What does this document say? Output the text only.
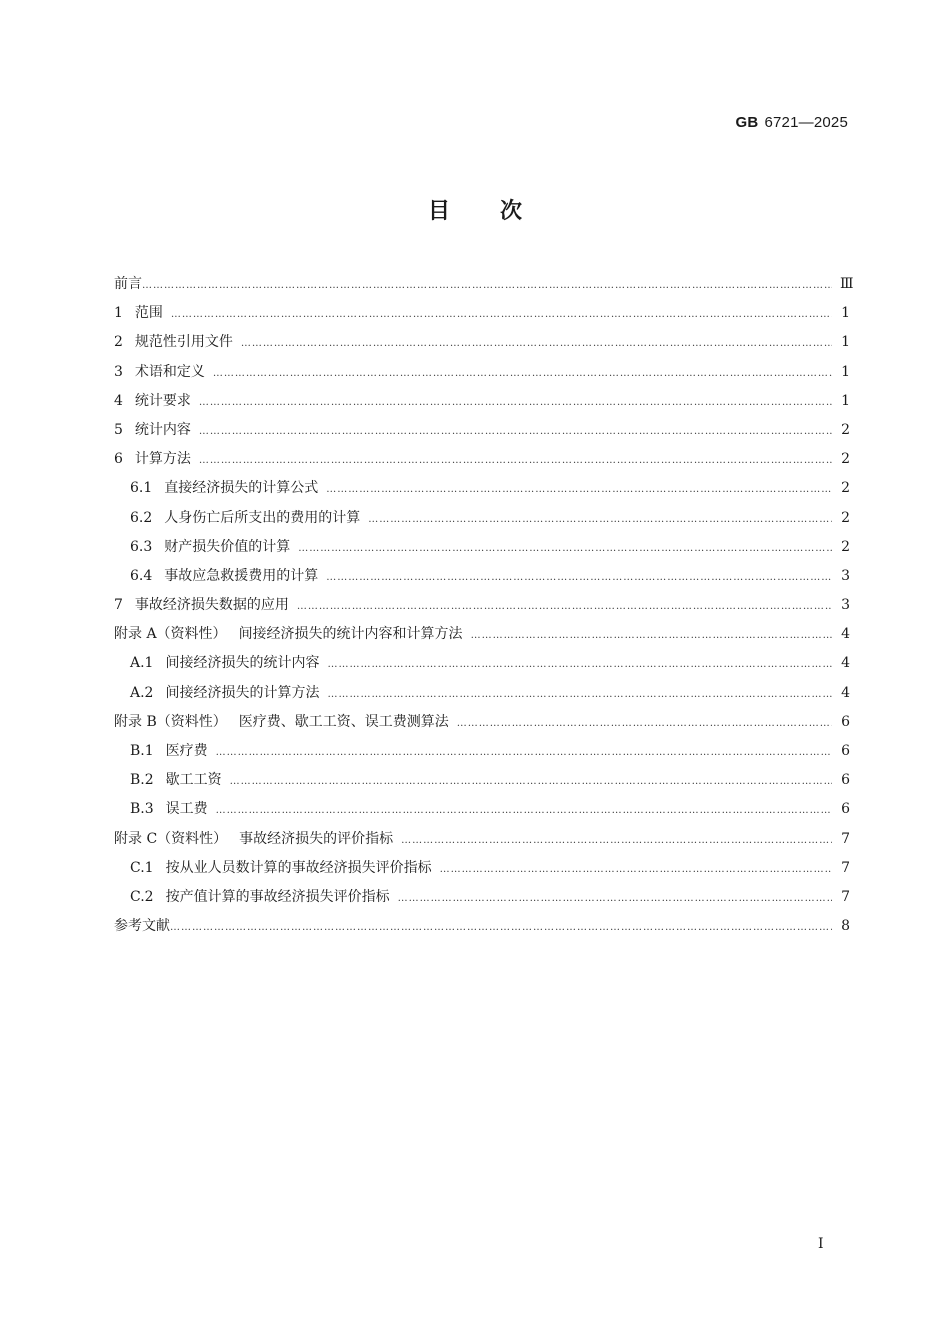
GB 6721—2025
目次
前言 ……………………………………………………………………………………………………………………………………………………………………………………………………………………………………………………………………	Ⅲ
1 范围 ……………………………………………………………………………………………………………………………………………………………………………………………………………………………………………………………………	1
2 规范性引用文件 ……………………………………………………………………………………………………………………………………………………………………………………………………………………………………………………………………	1
3 术语和定义 ……………………………………………………………………………………………………………………………………………………………………………………………………………………………………………………………………	1
4 统计要求 ……………………………………………………………………………………………………………………………………………………………………………………………………………………………………………………………………	1
5 统计内容 ……………………………………………………………………………………………………………………………………………………………………………………………………………………………………………………………………	2
6 计算方法 ……………………………………………………………………………………………………………………………………………………………………………………………………………………………………………………………………	2
6.1 直接经济损失的计算公式 ……………………………………………………………………………………………………………………………………………………………………………………………………………………………………………………………………	2
6.2 人身伤亡后所支出的费用的计算 ……………………………………………………………………………………………………………………………………………………………………………………………………………………………………………………………………	2
6.3 财产损失价值的计算 ……………………………………………………………………………………………………………………………………………………………………………………………………………………………………………………………………	2
6.4 事故应急救援费用的计算 ……………………………………………………………………………………………………………………………………………………………………………………………………………………………………………………………………	3
7 事故经济损失数据的应用 ……………………………………………………………………………………………………………………………………………………………………………………………………………………………………………………………………	3
附录 A（资料性） 间接经济损失的统计内容和计算方法 ……………………………………………………………………………………………………………………………………………………………………………………………………………………………………………………………………	4
A.1 间接经济损失的统计内容 ……………………………………………………………………………………………………………………………………………………………………………………………………………………………………………………………………	4
A.2 间接经济损失的计算方法 ……………………………………………………………………………………………………………………………………………………………………………………………………………………………………………………………………	4
附录 B（资料性） 医疗费、歇工工资、误工费测算法 ……………………………………………………………………………………………………………………………………………………………………………………………………………………………………………………………………	6
B.1 医疗费 ……………………………………………………………………………………………………………………………………………………………………………………………………………………………………………………………………	6
B.2 歇工工资 ……………………………………………………………………………………………………………………………………………………………………………………………………………………………………………………………………	6
B.3 误工费 ……………………………………………………………………………………………………………………………………………………………………………………………………………………………………………………………………	6
附录 C（资料性） 事故经济损失的评价指标 ……………………………………………………………………………………………………………………………………………………………………………………………………………………………………………………………………	7
C.1 按从业人员数计算的事故经济损失评价指标 ……………………………………………………………………………………………………………………………………………………………………………………………………………………………………………………………………	7
C.2 按产值计算的事故经济损失评价指标 ……………………………………………………………………………………………………………………………………………………………………………………………………………………………………………………………………	7
参考文献 ……………………………………………………………………………………………………………………………………………………………………………………………………………………………………………………………………	8
Ⅰ
